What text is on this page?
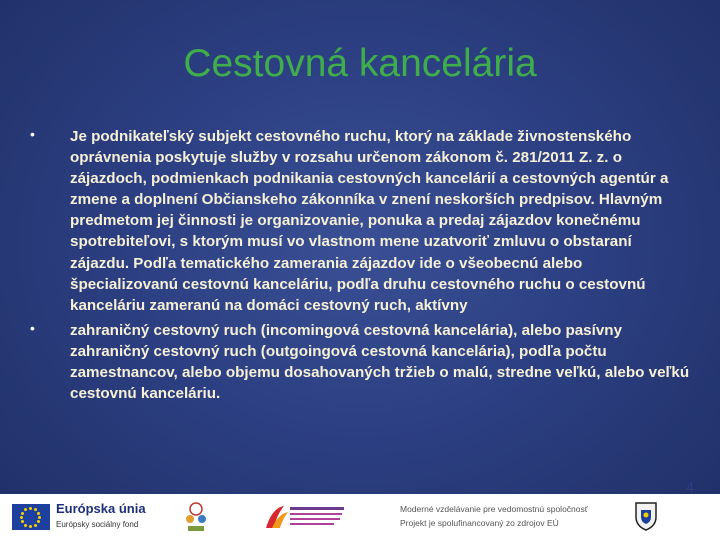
Cestovná kancelária
• Je podnikateľský subjekt cestovného ruchu, ktorý na základe živnostenského oprávnenia poskytuje služby v rozsahu určenom zákonom č. 281/2011 Z. z. o zájazdoch, podmienkach podnikania cestovných kancelárií a cestovných agentúr a zmene a doplnení Občianskeho zákonníka v znení neskorších predpisov. Hlavným predmetom jej činnosti je organizovanie, ponuka a predaj zájazdov konečnému spotrebiteľovi, s ktorým musí vo vlastnom mene uzatvoriť zmluvu o obstaraní zájazdu. Podľa tematického zamerania zájazdov ide o všeobecnú alebo špecializovanú cestovnú kanceláriu, podľa druhu cestovného ruchu o cestovnú kanceláriu zameranú na domáci cestovný ruch, aktívny
• zahraničný cestovný ruch (incomingová cestovná kancelária), alebo pasívny zahraničný cestovný ruch (outgoingová cestovná kancelária), podľa počtu zamestnancov, alebo objemu dosahovaných tržieb o malú, stredne veľkú, alebo veľkú cestovnú kanceláriu.
Európska únia
Európsky sociálny fond
Moderné vzdelávanie pre vedomostnú spoločnosť
Projekt je spolufinancovaný zo zdrojov EÚ
4
